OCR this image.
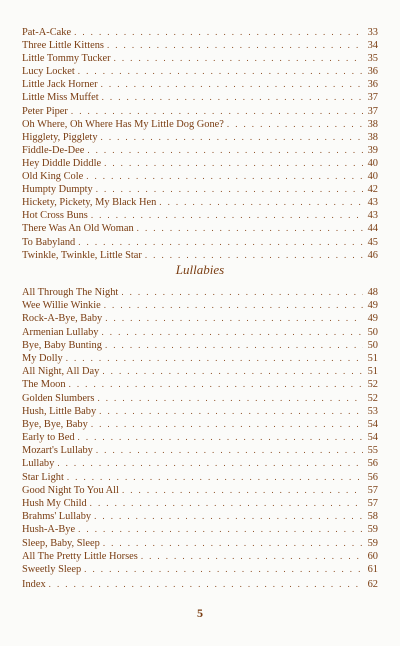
Pat-A-Cake . . .	33
Three Little Kittens . . .	34
Little Tommy Tucker . . .	35
Lucy Locket . . .	36
Little Jack Horner . . .	36
Little Miss Muffet . . .	37
Peter Piper . . .	37
Oh Where, Oh Where Has My Little Dog Gone? . . .	38
Higglety, Pigglety . . .	38
Fiddle-De-Dee . . .	39
Hey Diddle Diddle . . .	40
Old King Cole . . .	40
Humpty Dumpty . . .	42
Hickety, Pickety, My Black Hen . . .	43
Hot Cross Buns . . .	43
There Was An Old Woman . . .	44
To Babyland . . .	45
Twinkle, Twinkle, Little Star . . .	46
Lullabies
All Through The Night . . .	48
Wee Willie Winkie . . .	49
Rock-A-Bye, Baby . . .	49
Armenian Lullaby . . .	50
Bye, Baby Bunting . . .	50
My Dolly . . .	51
All Night, All Day . . .	51
The Moon . . .	52
Golden Slumbers . . .	52
Hush, Little Baby . . .	53
Bye, Bye, Baby . . .	54
Early to Bed . . .	54
Mozart's Lullaby . . .	55
Lullaby . . .	56
Star Light . . .	56
Good Night To You All . . .	57
Hush My Child . . .	57
Brahms' Lullaby . . .	58
Hush-A-Bye . . .	59
Sleep, Baby, Sleep . . .	59
All The Pretty Little Horses . . .	60
Sweetly Sleep . . .	61
Index . . .	62
5
